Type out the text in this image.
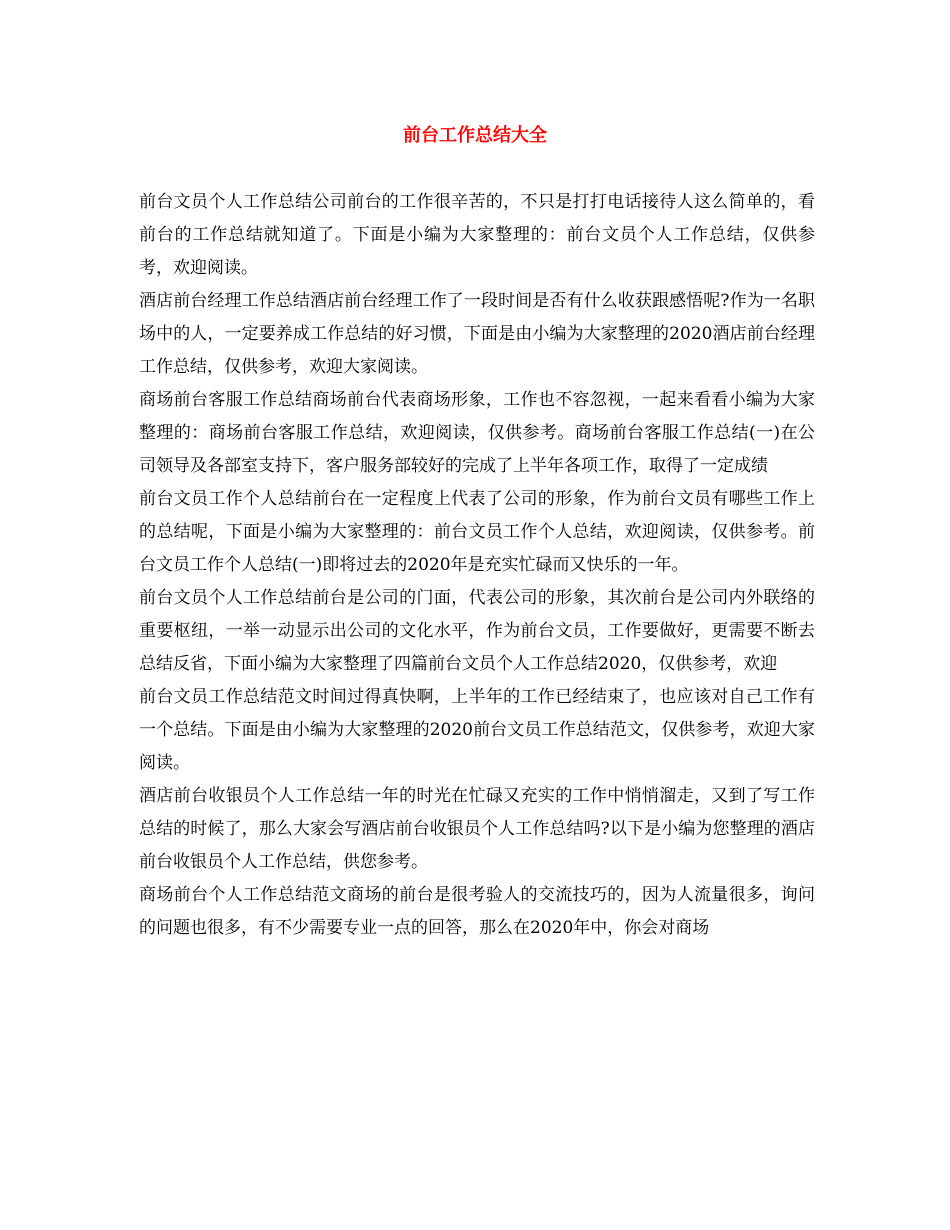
前台工作总结大全

前台文员个人工作总结公司前台的工作很辛苦的，不只是打打电话接待人这么简单的，看前台的工作总结就知道了。下面是小编为大家整理的：前台文员个人工作总结，仅供参考，欢迎阅读。

酒店前台经理工作总结酒店前台经理工作了一段时间是否有什么收获跟感悟呢?作为一名职场中的人，一定要养成工作总结的好习惯，下面是由小编为大家整理的2020酒店前台经理工作总结，仅供参考，欢迎大家阅读。

商场前台客服工作总结商场前台代表商场形象，工作也不容忽视，一起来看看小编为大家整理的：商场前台客服工作总结，欢迎阅读，仅供参考。商场前台客服工作总结(一)在公司领导及各部室支持下，客户服务部较好的完成了上半年各项工作，取得了一定成绩

前台文员工作个人总结前台在一定程度上代表了公司的形象，作为前台文员有哪些工作上的总结呢，下面是小编为大家整理的：前台文员工作个人总结，欢迎阅读，仅供参考。前台文员工作个人总结(一)即将过去的2020年是充实忙碌而又快乐的一年。

前台文员个人工作总结前台是公司的门面，代表公司的形象，其次前台是公司内外联络的重要枢纽，一举一动显示出公司的文化水平，作为前台文员，工作要做好，更需要不断去总结反省，下面小编为大家整理了四篇前台文员个人工作总结2020，仅供参考，欢迎

前台文员工作总结范文时间过得真快啊，上半年的工作已经结束了，也应该对自己工作有一个总结。下面是由小编为大家整理的2020前台文员工作总结范文，仅供参考，欢迎大家阅读。

酒店前台收银员个人工作总结一年的时光在忙碌又充实的工作中悄悄溜走，又到了写工作总结的时候了，那么大家会写酒店前台收银员个人工作总结吗?以下是小编为您整理的酒店前台收银员个人工作总结，供您参考。

商场前台个人工作总结范文商场的前台是很考验人的交流技巧的，因为人流量很多，询问的问题也很多，有不少需要专业一点的回答，那么在2020年中，你会对商场
